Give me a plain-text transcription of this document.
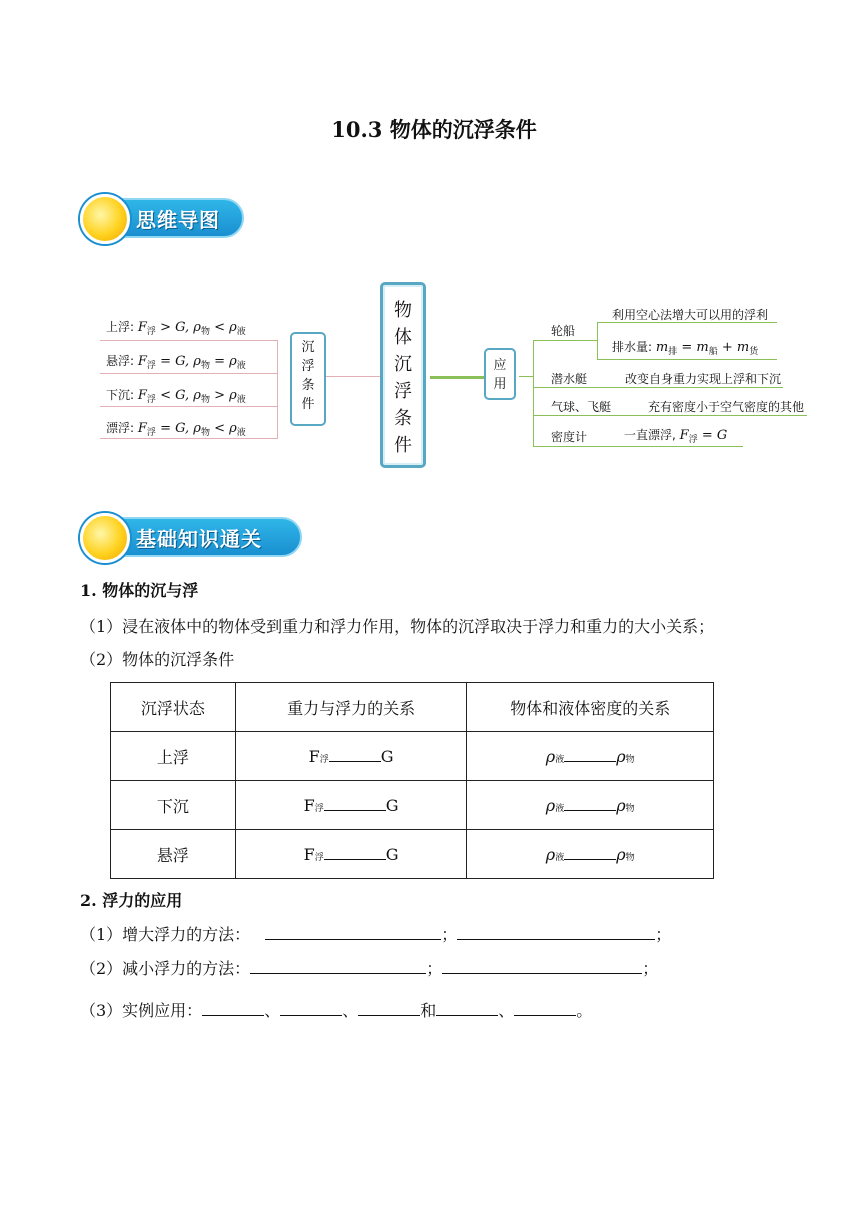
10.3 物体的沉浮条件
思维导图
上浮: $F_浮 > G$, $\rho_物 < \rho_液$
悬浮: $F_浮 = G$, $\rho_物 = \rho_液$
下沉: $F_浮 < G$, $\rho_物 > \rho_液$
漂浮: $F_浮 = G$, $\rho_物 < \rho_液$
沉
浮
条
件
物
体
沉
浮
条
件
应
用
轮船
利用空心法增大可以用的浮利
排水量: $m_排 = m_船 + m_货$
潜水艇	改变自身重力实现上浮和下沉
气球、飞艇	充有密度小于空气密度的其他
密度计	一直漂浮, $F_浮 = G$
基础知识通关
1. 物体的沉与浮
（1）浸在液体中的物体受到重力和浮力作用，物体的沉浮取决于浮力和重力的大小关系；
（2）物体的沉浮条件
沉浮状态	重力与浮力的关系	物体和液体密度的关系
上浮	F浮 G	ρ液 ρ物
下沉	F浮 G	ρ液 ρ物
悬浮	F浮 G	ρ液 ρ物
2. 浮力的应用
（1）增大浮力的方法：	；	；
（2）减小浮力的方法：	；	；
（3）实例应用：	、	、	和	、	。
